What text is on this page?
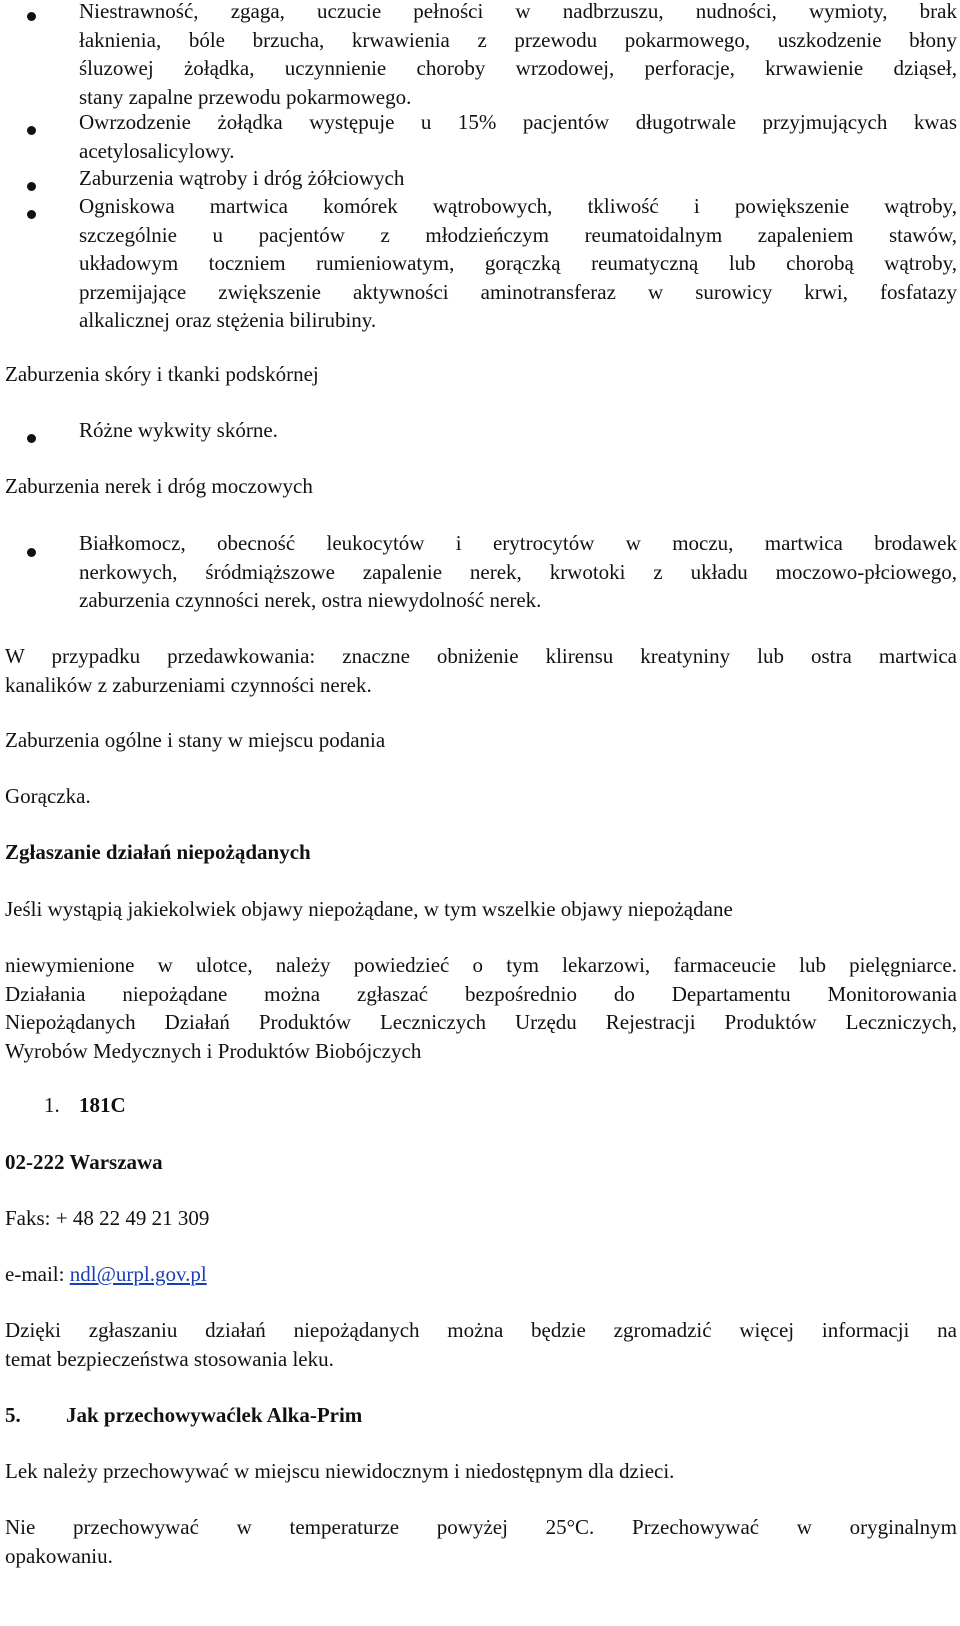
Niestrawność, zgaga, uczucie pełności w nadbrzuszu, nudności, wymioty, brak
łaknienia, bóle brzucha, krwawienia z przewodu pokarmowego, uszkodzenie błony
śluzowej żołądka, uczynnienie choroby wrzodowej, perforacje, krwawienie dziąseł,
stany zapalne przewodu pokarmowego.

Owrzodzenie żołądka występuje u 15% pacjentów długotrwale przyjmujących kwas
acetylosalicylowy.

Zaburzenia wątroby i dróg żółciowych

Ogniskowa martwica komórek wątrobowych, tkliwość i powiększenie wątroby,
szczególnie u pacjentów z młodzieńczym reumatoidalnym zapaleniem stawów,
układowym toczniem rumieniowatym, gorączką reumatyczną lub chorobą wątroby,
przemijające zwiększenie aktywności aminotransferaz w surowicy krwi, fosfatazy
alkalicznej oraz stężenia bilirubiny.

Zaburzenia skóry i tkanki podskórnej

Różne wykwity skórne.

Zaburzenia nerek i dróg moczowych

Białkomocz, obecność leukocytów i erytrocytów w moczu, martwica brodawek
nerkowych, śródmiąższowe zapalenie nerek, krwotoki z układu moczowo-płciowego,
zaburzenia czynności nerek, ostra niewydolność nerek.

W przypadku przedawkowania: znaczne obniżenie klirensu kreatyniny lub ostra martwica
kanalików z zaburzeniami czynności nerek.

Zaburzenia ogólne i stany w miejscu podania

Gorączka.

Zgłaszanie działań niepożądanych

Jeśli wystąpią jakiekolwiek objawy niepożądane, w tym wszelkie objawy niepożądane

niewymienione w ulotce, należy powiedzieć o tym lekarzowi, farmaceucie lub pielęgniarce.
Działania niepożądane można zgłaszać bezpośrednio do Departamentu Monitorowania
Niepożądanych Działań Produktów Leczniczych Urzędu Rejestracji Produktów Leczniczych,
Wyrobów Medycznych i Produktów Biobójczych

1. 181C

02-222 Warszawa

Faks: + 48 22 49 21 309

e-mail: ndl@urpl.gov.pl

Dzięki zgłaszaniu działań niepożądanych można będzie zgromadzić więcej informacji na
temat bezpieczeństwa stosowania leku.

5. Jak przechowywaćlek Alka-Prim

Lek należy przechowywać w miejscu niewidocznym i niedostępnym dla dzieci.

Nie przechowywać w temperaturze powyżej 25°C. Przechowywać w oryginalnym
opakowaniu.
